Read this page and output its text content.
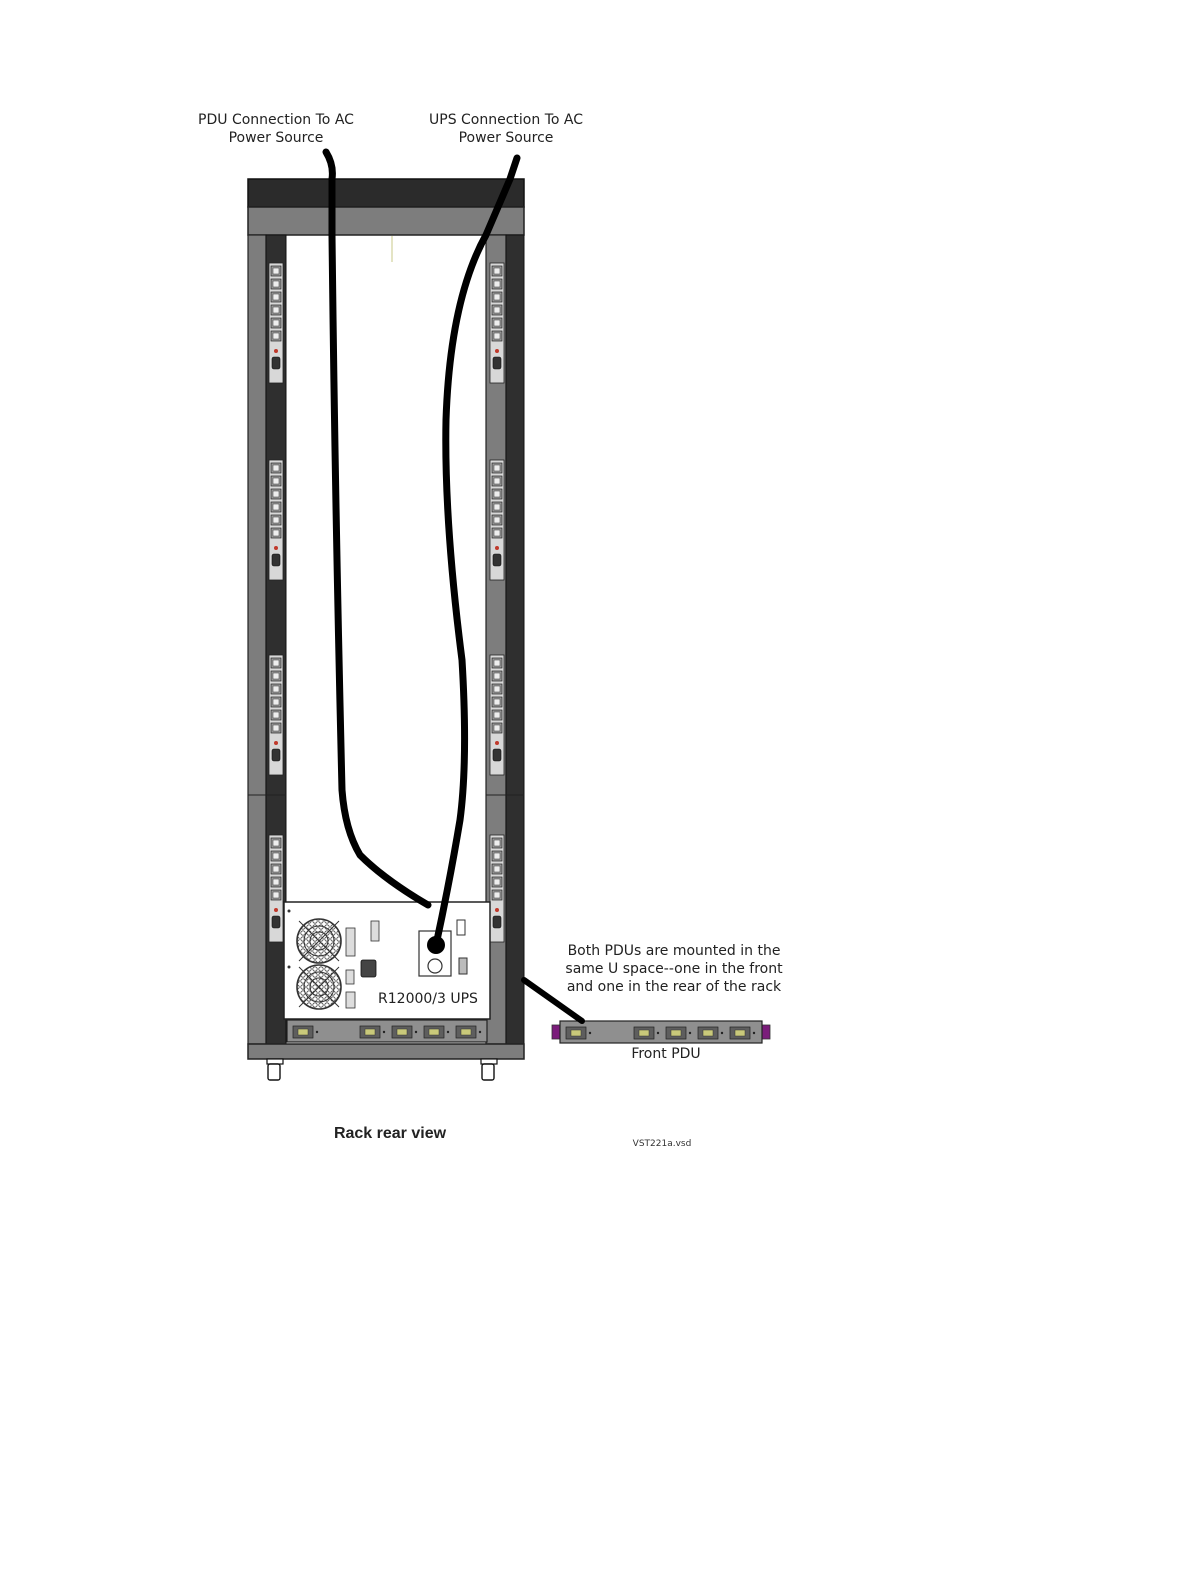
PDU Connection To AC
Power Source
UPS Connection To AC
Power Source
Both PDUs are mounted in the
same U space--one in the front
and one in the rear of the rack
Front PDU
R12000/3 UPS
Rack rear view
VST221a.vsd
